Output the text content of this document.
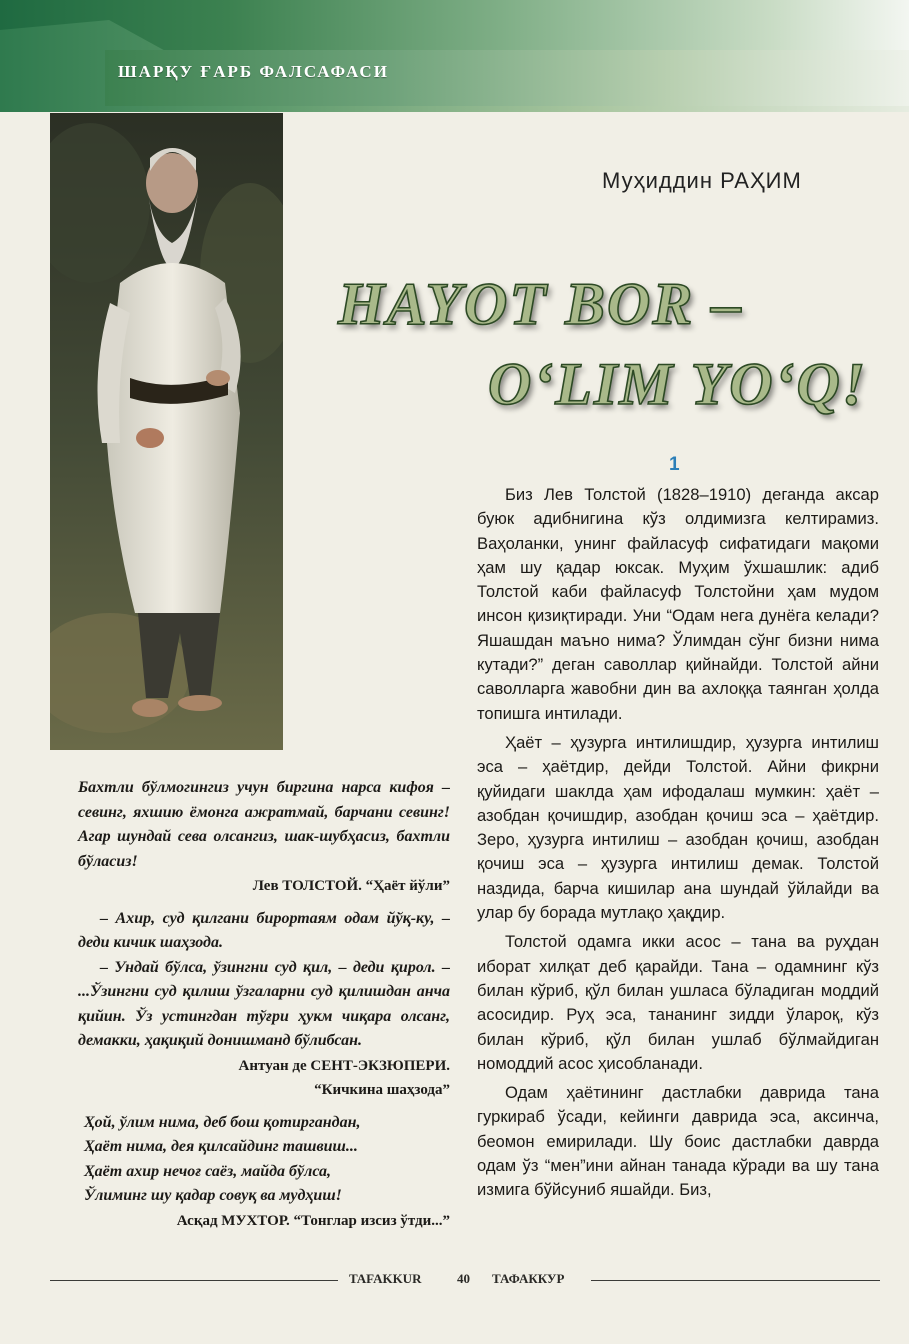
ШАРҚУ ҒАРБ ФАЛСАФАСИ
Муҳиддин РАҲИМ
HAYOT BOR –
O‘LIM YO‘Q!
1

Биз Лев Толстой (1828–1910) деганда аксар буюк адибнигина кўз олдимизга келтирамиз. Ваҳоланки, унинг файласуф сифатидаги мақоми ҳам шу қадар юксак. Муҳим ўхшашлик: адиб Толстой каби файласуф Толстойни ҳам мудом инсон қизиқтиради. Уни “Одам нега дунёга келади? Яшашдан маъно нима? Ўлимдан сўнг бизни нима кутади?” деган саволлар қийнайди. Толстой айни саволларга жавобни дин ва ахлоққа таянган ҳолда топишга интилади.

Ҳаёт – ҳузурга интилишдир, ҳузурга интилиш эса – ҳаётдир, дейди Толстой. Айни фикрни қуйидаги шаклда ҳам ифодалаш мумкин: ҳаёт – азобдан қочишдир, азобдан қочиш эса – ҳаётдир. Зеро, ҳузурга интилиш – азобдан қочиш, азобдан қочиш эса – ҳузурга интилиш демак. Толстой наздида, барча кишилар ана шундай ўйлайди ва улар бу борада мутлақо ҳақдир.

Толстой одамга икки асос – тана ва руҳдан иборат хилқат деб қарайди. Тана – одамнинг кўз билан кўриб, қўл билан ушласа бўладиган моддий асосидир. Руҳ эса, тананинг зидди ўлароқ, кўз билан кўриб, қўл билан ушлаб бўлмайдиган номоддий асос ҳисобланади.

Одам ҳаётининг дастлабки даврида тана гуркираб ўсади, кейинги даврида эса, аксинча, беомон емирилади. Шу боис дастлабки даврда одам ўз “мен”ини айнан танада кўради ва шу тана измига бўйсуниб яшайди. Биз,

Бахтли бўлмогингиз учун биргина нарса кифоя – севинг, яхшию ёмонга ажратмай, барчани севинг! Агар шундай сева олсангиз, шак-шубҳасиз, бахтли бўласиз!
Лев ТОЛСТОЙ. “Ҳаёт йўли”
– Ахир, суд қилгани бирортаям одам йўқ-ку, – деди кичик шаҳзода.
– Ундай бўлса, ўзингни суд қил, – деди қирол. – ...Ўзингни суд қилиш ўзгаларни суд қилишдан анча қийин. Ўз устингдан тўғри ҳукм чиқара олсанг, демакки, ҳақиқий донишманд бўлибсан.
Антуан де СЕНТ-ЭКЗЮПЕРИ.
“Кичкина шаҳзода”
Ҳой, ўлим нима, деб бош қотиргандан,
Ҳаёт нима, дея қилсайдинг ташвиш...
Ҳаёт ахир нечоғ саёз, майда бўлса,
Ўлиминг шу қадар совуқ ва мудҳиш!
Асқад МУХТОР. “Тонглар изсиз ўтди...”
TAFAKKUR	40 ТАФАККУР
